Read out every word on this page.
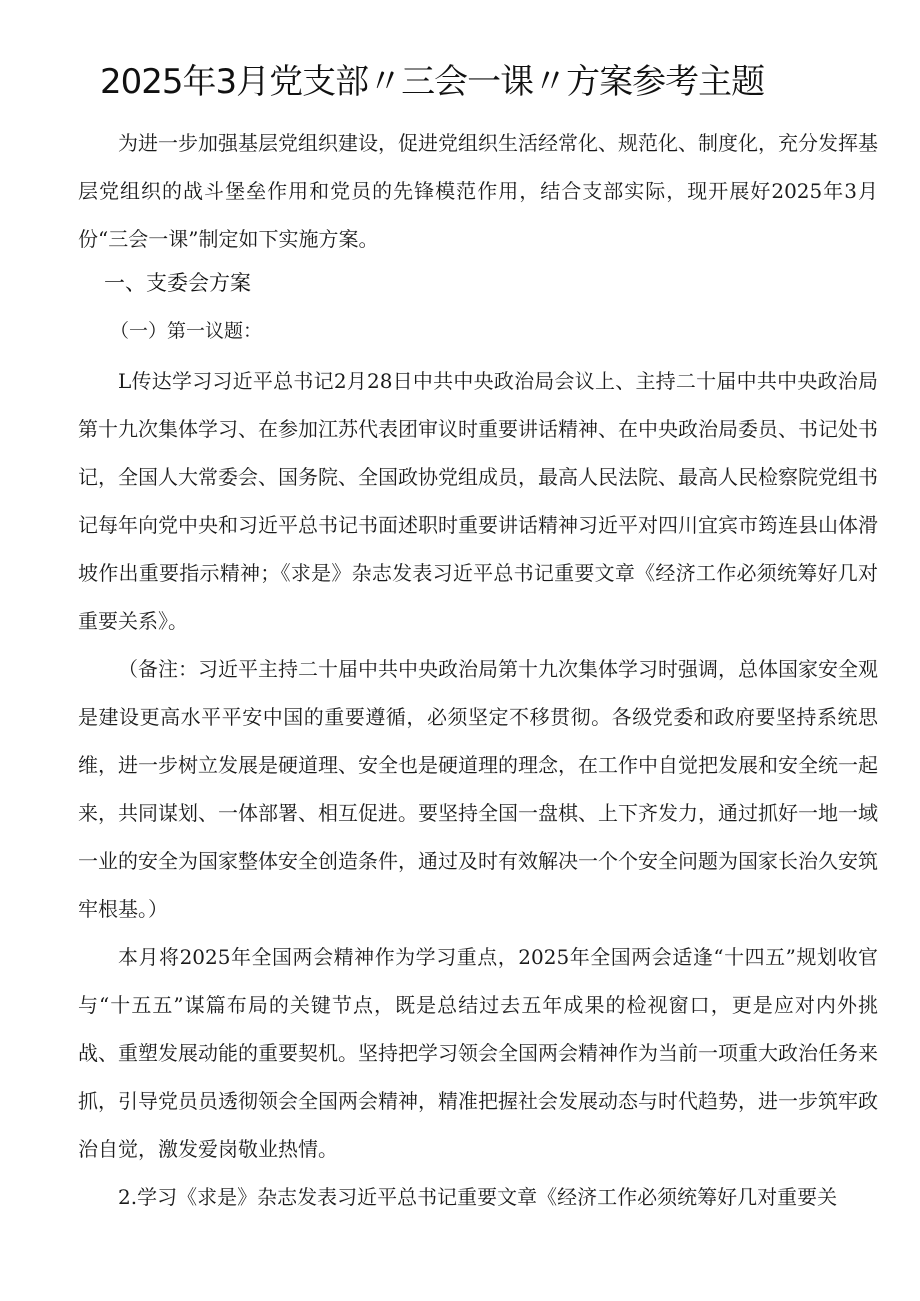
2025年3月党支部〃三会一课〃方案参考主题

为进一步加强基层党组织建设，促进党组织生活经常化、规范化、制度化，充分发挥基层党组织的战斗堡垒作用和党员的先锋模范作用，结合支部实际，现开展好2025年3月份“三会一课”制定如下实施方案。

一、支委会方案

（一）第一议题：

L传达学习习近平总书记2月28日中共中央政治局会议上、主持二十届中共中央政治局第十九次集体学习、在参加江苏代表团审议时重要讲话精神、在中央政治局委员、书记处书记，全国人大常委会、国务院、全国政协党组成员，最高人民法院、最高人民检察院党组书记每年向党中央和习近平总书记书面述职时重要讲话精神习近平对四川宜宾市筠连县山体滑坡作出重要指示精神；《求是》杂志发表习近平总书记重要文章《经济工作必须统筹好几对重要关系》。

（备注：习近平主持二十届中共中央政治局第十九次集体学习时强调，总体国家安全观是建设更高水平平安中国的重要遵循，必须坚定不移贯彻。各级党委和政府要坚持系统思维，进一步树立发展是硬道理、安全也是硬道理的理念，在工作中自觉把发展和安全统一起来，共同谋划、一体部署、相互促进。要坚持全国一盘棋、上下齐发力，通过抓好一地一域一业的安全为国家整体安全创造条件，通过及时有效解决一个个安全问题为国家长治久安筑牢根基。）

本月将2025年全国两会精神作为学习重点，2025年全国两会适逢“十四五”规划收官与“十五五”谋篇布局的关键节点，既是总结过去五年成果的检视窗口，更是应对内外挑战、重塑发展动能的重要契机。坚持把学习领会全国两会精神作为当前一项重大政治任务来抓，引导党员员透彻领会全国两会精神，精准把握社会发展动态与时代趋势，进一步筑牢政治自觉，激发爱岗敬业热情。

2.学习《求是》杂志发表习近平总书记重要文章《经济工作必须统筹好几对重要关
